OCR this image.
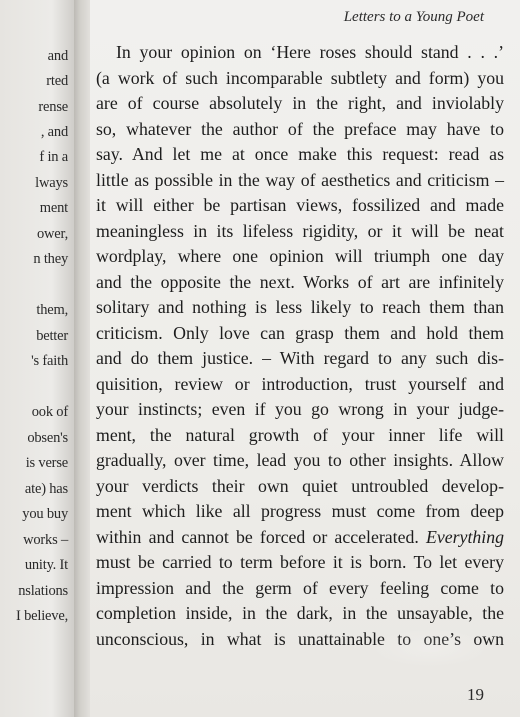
and
rted
rense
, and
f in a
lways
ment
ower,
n they
them,
better
's faith
ook of
obsen's
is verse
ate) has
you buy
works –
unity. It
nslations
I believe,
Letters to a Young Poet
In your opinion on ‘Here roses should stand . . .’
(a work of such incomparable subtlety and form) you
are of course absolutely in the right, and inviolably
so, whatever the author of the preface may have to
say. And let me at once make this request: read as
little as possible in the way of aesthetics and criticism –
it will either be partisan views, fossilized and made
meaningless in its lifeless rigidity, or it will be neat
wordplay, where one opinion will triumph one day
and the opposite the next. Works of art are infinitely
solitary and nothing is less likely to reach them than
criticism. Only love can grasp them and hold them
and do them justice. – With regard to any such dis-
quisition, review or introduction, trust yourself and
your instincts; even if you go wrong in your judge-
ment, the natural growth of your inner life will
gradually, over time, lead you to other insights. Allow
your verdicts their own quiet untroubled develop-
ment which like all progress must come from deep
within and cannot be forced or accelerated. Everything
must be carried to term before it is born. To let every
impression and the germ of every feeling come to
completion inside, in the dark, in the unsayable, the
unconscious, in what is unattainable to one’s own
19
